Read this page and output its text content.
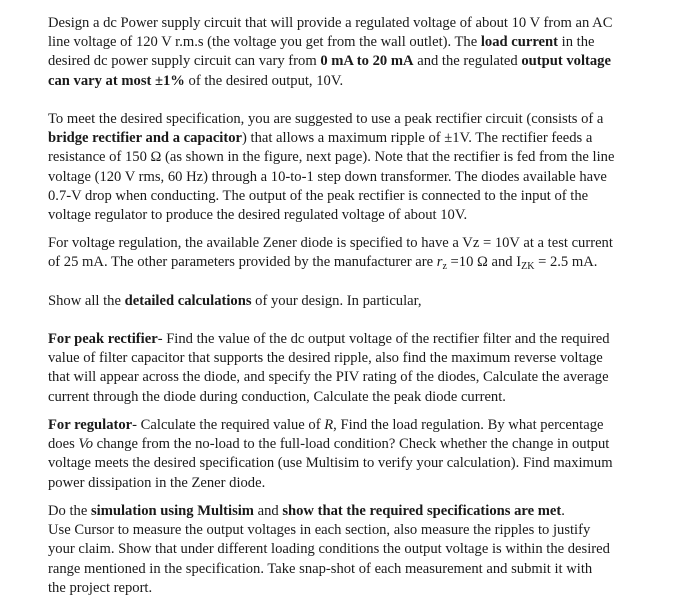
Design a dc Power supply circuit that will provide a regulated voltage of about 10 V from an AC
line voltage of 120 V r.m.s (the voltage you get from the wall outlet). The load current in the
desired dc power supply circuit can vary from 0 mA to 20 mA and the regulated output voltage
can vary at most ±1% of the desired output, 10V.
To meet the desired specification, you are suggested to use a peak rectifier circuit (consists of a
bridge rectifier and a capacitor) that allows a maximum ripple of ±1V. The rectifier feeds a
resistance of 150 Ω (as shown in the figure, next page). Note that the rectifier is fed from the line
voltage (120 V rms, 60 Hz) through a 10-to-1 step down transformer. The diodes available have
0.7-V drop when conducting. The output of the peak rectifier is connected to the input of the
voltage regulator to produce the desired regulated voltage of about 10V.
For voltage regulation, the available Zener diode is specified to have a Vz = 10V at a test current
of 25 mA. The other parameters provided by the manufacturer are $r_z =10$ Ω and $I_{ZK} = 2.5$ mA.
Show all the detailed calculations of your design. In particular,
For peak rectifier- Find the value of the dc output voltage of the rectifier filter and the required
value of filter capacitor that supports the desired ripple, also find the maximum reverse voltage
that will appear across the diode, and specify the PIV rating of the diodes, Calculate the average
current through the diode during conduction, Calculate the peak diode current.
For regulator- Calculate the required value of R, Find the load regulation. By what percentage
does Vo change from the no-load to the full-load condition? Check whether the change in output
voltage meets the desired specification (use Multisim to verify your calculation). Find maximum
power dissipation in the Zener diode.
Do the simulation using Multisim and show that the required specifications are met.
Use Cursor to measure the output voltages in each section, also measure the ripples to justify
your claim. Show that under different loading conditions the output voltage is within the desired
range mentioned in the specification. Take snap-shot of each measurement and submit it with
the project report.
